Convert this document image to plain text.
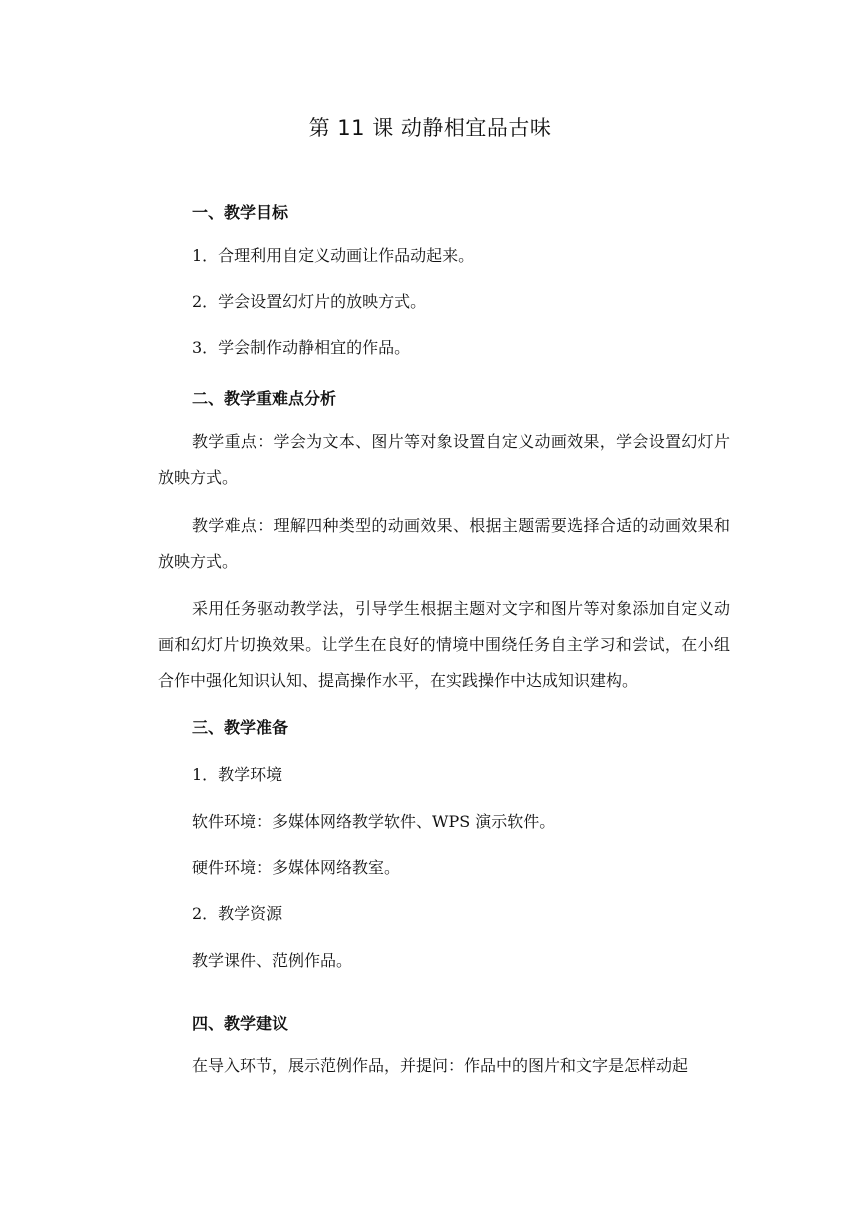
第 11 课 动静相宜品古味
一、教学目标

1．合理利用自定义动画让作品动起来。

2．学会设置幻灯片的放映方式。

3．学会制作动静相宜的作品。

二、教学重难点分析

教学重点：学会为文本、图片等对象设置自定义动画效果，学会设置幻灯片放映方式。

教学难点：理解四种类型的动画效果、根据主题需要选择合适的动画效果和放映方式。

采用任务驱动教学法，引导学生根据主题对文字和图片等对象添加自定义动画和幻灯片切换效果。让学生在良好的情境中围绕任务自主学习和尝试，在小组合作中强化知识认知、提高操作水平，在实践操作中达成知识建构。

三、教学准备

1．教学环境

软件环境：多媒体网络教学软件、WPS 演示软件。

硬件环境：多媒体网络教室。

2．教学资源

教学课件、范例作品。

四、教学建议

在导入环节，展示范例作品，并提问：作品中的图片和文字是怎样动起
